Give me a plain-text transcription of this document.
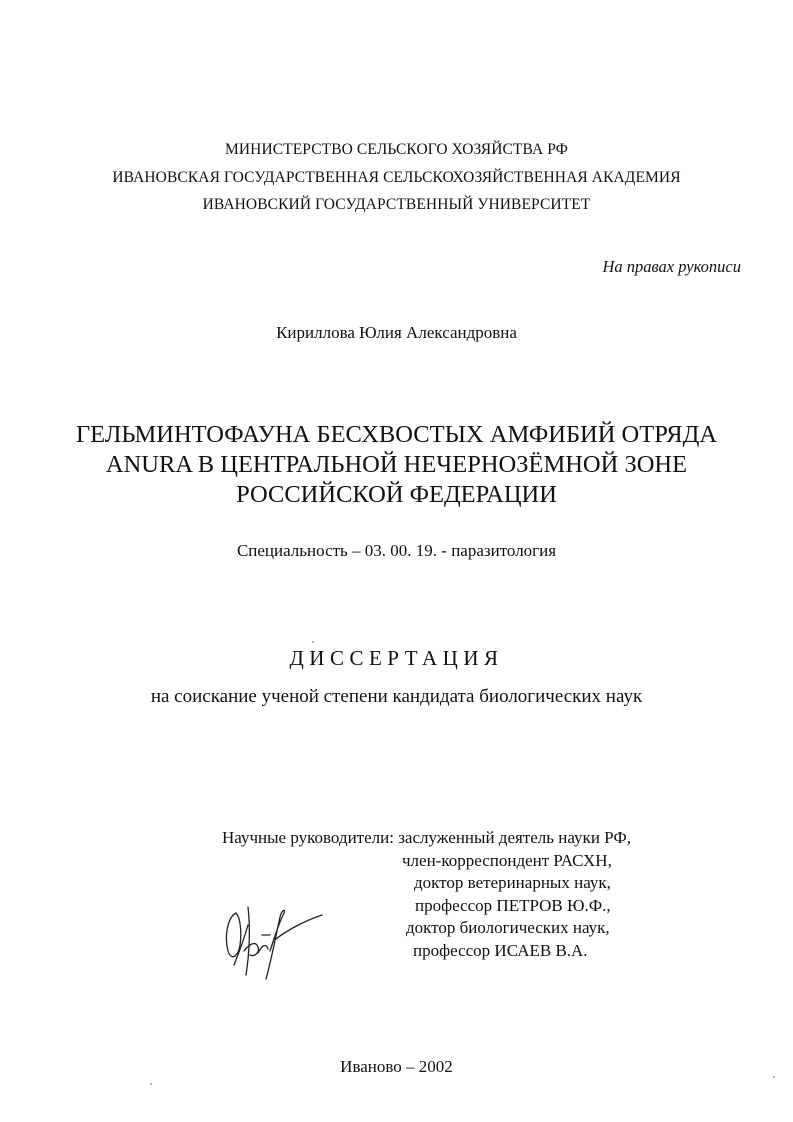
МИНИСТЕРСТВО СЕЛЬСКОГО ХОЗЯЙСТВА РФ
ИВАНОВСКАЯ ГОСУДАРСТВЕННАЯ СЕЛЬСКОХОЗЯЙСТВЕННАЯ АКАДЕМИЯ
ИВАНОВСКИЙ ГОСУДАРСТВЕННЫЙ УНИВЕРСИТЕТ
На правах рукописи
Кириллова Юлия Александровна
ГЕЛЬМИНТОФАУНА БЕСХВОСТЫХ АМФИБИЙ ОТРЯДА
ANURA В ЦЕНТРАЛЬНОЙ НЕЧЕРНОЗЁМНОЙ ЗОНЕ
РОССИЙСКОЙ ФЕДЕРАЦИИ
Специальность – 03. 00. 19. - паразитология
ДИССЕРТАЦИЯ
на соискание ученой степени кандидата биологических наук
Научные руководители: заслуженный деятель науки РФ,
член-корреспондент РАСХН,
доктор ветеринарных наук,
профессор ПЕТРОВ Ю.Ф.,
доктор биологических наук,
профессор ИСАЕВ В.А.
Иваново – 2002
